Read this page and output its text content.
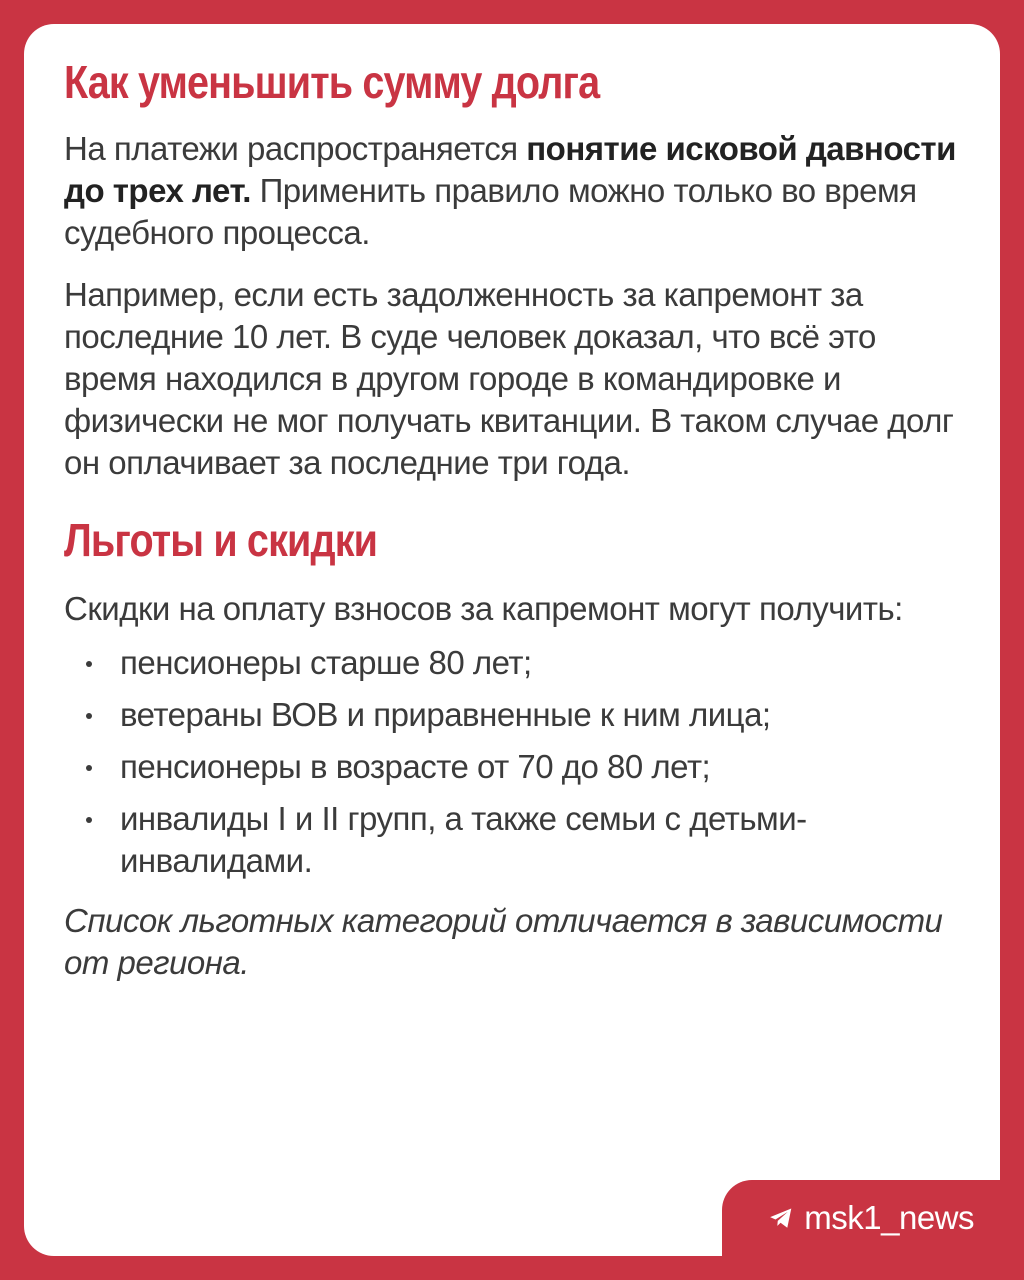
Как уменьшить сумму долга

На платежи распространяется понятие исковой давности до трех лет. Применить правило можно только во время судебного процесса.

Например, если есть задолженность за капремонт за последние 10 лет. В суде человек доказал, что всё это время находился в другом городе в командировке и физически не мог получать квитанции. В таком случае долг он оплачивает за последние три года.

Льготы и скидки

Скидки на оплату взносов за капремонт могут получить:

пенсионеры старше 80 лет;
ветераны ВОВ и приравненные к ним лица;
пенсионеры в возрасте от 70 до 80 лет;
инвалиды I и II групп, а также семьи с детьми-инвалидами.

Список льготных категорий отличается в зависимости от региона.

msk1_news
